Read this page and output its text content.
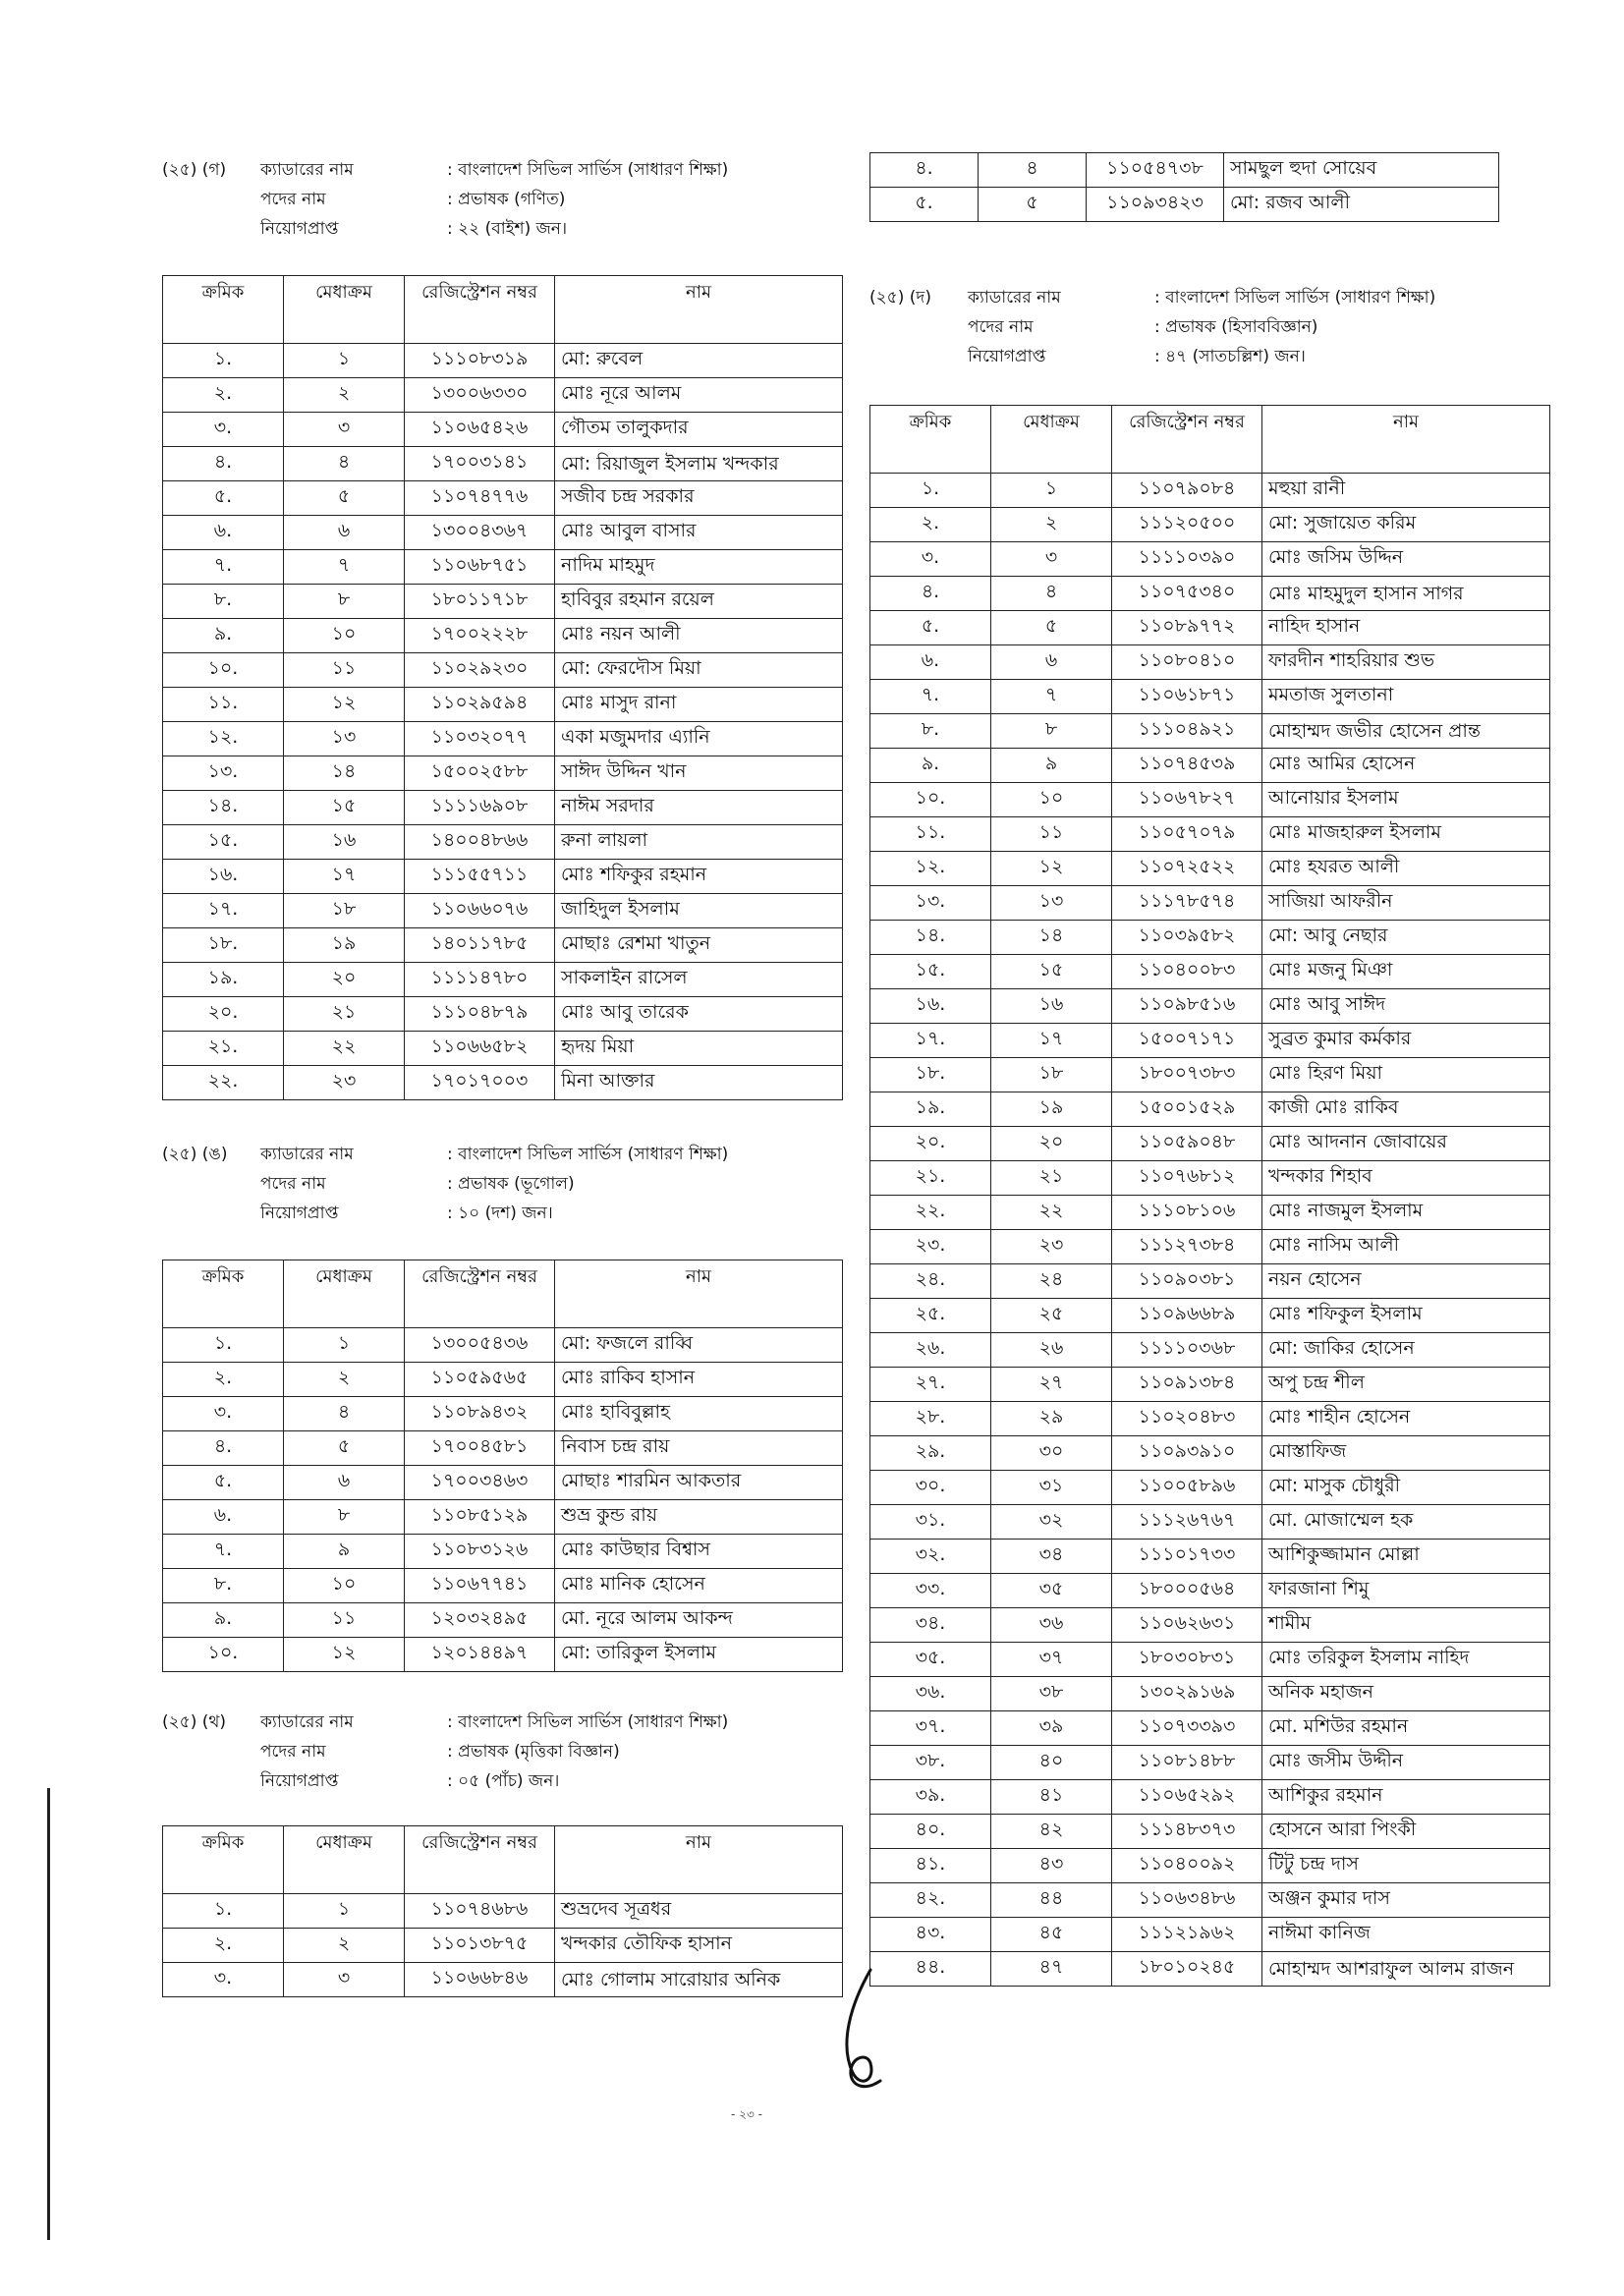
(২৫) (গ) ক্যাডারের নাম	: বাংলাদেশ সিভিল সার্ভিস (সাধারণ শিক্ষা)
পদের নাম	: প্রভাষক (গণিত)
নিয়োগপ্রাপ্ত	: ২২ (বাইশ) জন।
ক্রমিক	মেধাক্রম	রেজিস্ট্রেশন নম্বর	নাম
১.	১	১১১০৮৩১৯	মো: রুবেল
২.	২	১৩০০৬৩৩০	মোঃ নূরে আলম
৩.	৩	১১০৬৫৪২৬	গৌতম তালুকদার
৪.	৪	১৭০০৩১৪১	মো: রিয়াজুল ইসলাম খন্দকার
৫.	৫	১১০৭৪৭৭৬	সজীব চন্দ্র সরকার
৬.	৬	১৩০০৪৩৬৭	মোঃ আবুল বাসার
৭.	৭	১১০৬৮৭৫১	নাদিম মাহমুদ
৮.	৮	১৮০১১৭১৮	হাবিবুর রহমান রয়েল
৯.	১০	১৭০০২২২৮	মোঃ নয়ন আলী
১০.	১১	১১০২৯২৩০	মো: ফেরদৌস মিয়া
১১.	১২	১১০২৯৫৯৪	মোঃ মাসুদ রানা
১২.	১৩	১১০৩২০৭৭	একা মজুমদার এ্যানি
১৩.	১৪	১৫০০২৫৮৮	সাঈদ উদ্দিন খান
১৪.	১৫	১১১১৬৯০৮	নাঈম সরদার
১৫.	১৬	১৪০০৪৮৬৬	রুনা লায়লা
১৬.	১৭	১১১৫৫৭১১	মোঃ শফিকুর রহমান
১৭.	১৮	১১০৬৬০৭৬	জাহিদুল ইসলাম
১৮.	১৯	১৪০১১৭৮৫	মোছাঃ রেশমা খাতুন
১৯.	২০	১১১১৪৭৮০	সাকলাইন রাসেল
২০.	২১	১১১০৪৮৭৯	মোঃ আবু তারেক
২১.	২২	১১০৬৬৫৮২	হৃদয় মিয়া
২২.	২৩	১৭০১৭০০৩	মিনা আক্তার
(২৫) (ঙ) ক্যাডারের নাম	: বাংলাদেশ সিভিল সার্ভিস (সাধারণ শিক্ষা)
পদের নাম	: প্রভাষক (ভূগোল)
নিয়োগপ্রাপ্ত	: ১০ (দশ) জন।
ক্রমিক	মেধাক্রম	রেজিস্ট্রেশন নম্বর	নাম
১.	১	১৩০০৫৪৩৬	মো: ফজলে রাব্বি
২.	২	১১০৫৯৫৬৫	মোঃ রাকিব হাসান
৩.	৪	১১০৮৯৪৩২	মোঃ হাবিবুল্লাহ
৪.	৫	১৭০০৪৫৮১	নিবাস চন্দ্র রায়
৫.	৬	১৭০০৩৪৬৩	মোছাঃ শারমিন আকতার
৬.	৮	১১০৮৫১২৯	শুভ্র কুন্ড রায়
৭.	৯	১১০৮৩১২৬	মোঃ কাউছার বিশ্বাস
৮.	১০	১১০৬৭৭৪১	মোঃ মানিক হোসেন
৯.	১১	১২০৩২৪৯৫	মো. নূরে আলম আকন্দ
১০.	১২	১২০১৪৪৯৭	মো: তারিকুল ইসলাম
(২৫) (থ) ক্যাডারের নাম	: বাংলাদেশ সিভিল সার্ভিস (সাধারণ শিক্ষা)
পদের নাম	: প্রভাষক (মৃত্তিকা বিজ্ঞান)
নিয়োগপ্রাপ্ত	: ০৫ (পাঁচ) জন।
ক্রমিক	মেধাক্রম	রেজিস্ট্রেশন নম্বর	নাম
১.	১	১১০৭৪৬৮৬	শুভ্রদেব সূত্রধর
২.	২	১১০১৩৮৭৫	খন্দকার তৌফিক হাসান
৩.	৩	১১০৬৬৮৪৬	মোঃ গোলাম সারোয়ার অনিক
৪.	৪	১১০৫৪৭৩৮	সামছুল হুদা সোয়েব
৫.	৫	১১০৯৩৪২৩	মো: রজব আলী
(২৫) (দ) ক্যাডারের নাম	: বাংলাদেশ সিভিল সার্ভিস (সাধারণ শিক্ষা)
পদের নাম	: প্রভাষক (হিসাববিজ্ঞান)
নিয়োগপ্রাপ্ত	: ৪৭ (সাতচল্লিশ) জন।
ক্রমিক	মেধাক্রম	রেজিস্ট্রেশন নম্বর	নাম
১.	১	১১০৭৯০৮৪	মহুয়া রানী
২.	২	১১১২০৫০০	মো: সুজায়েত করিম
৩.	৩	১১১১০৩৯০	মোঃ জসিম উদ্দিন
৪.	৪	১১০৭৫৩৪০	মোঃ মাহমুদুল হাসান সাগর
৫.	৫	১১০৮৯৭৭২	নাহিদ হাসান
৬.	৬	১১০৮০৪১০	ফারদীন শাহরিয়ার শুভ
৭.	৭	১১০৬১৮৭১	মমতাজ সুলতানা
৮.	৮	১১১০৪৯২১	মোহাম্মদ জভীর হোসেন প্রান্ত
৯.	৯	১১০৭৪৫৩৯	মোঃ আমির হোসেন
১০.	১০	১১০৬৭৮২৭	আনোয়ার ইসলাম
১১.	১১	১১০৫৭০৭৯	মোঃ মাজহারুল ইসলাম
১২.	১২	১১০৭২৫২২	মোঃ হযরত আলী
১৩.	১৩	১১১৭৮৫৭৪	সাজিয়া আফরীন
১৪.	১৪	১১০৩৯৫৮২	মো: আবু নেছার
১৫.	১৫	১১০৪০০৮৩	মোঃ মজনু মিঞা
১৬.	১৬	১১০৯৮৫১৬	মোঃ আবু সাঈদ
১৭.	১৭	১৫০০৭১৭১	সুব্রত কুমার কর্মকার
১৮.	১৮	১৮০০৭৩৮৩	মোঃ হিরণ মিয়া
১৯.	১৯	১৫০০১৫২৯	কাজী মোঃ রাকিব
২০.	২০	১১০৫৯০৪৮	মোঃ আদনান জোবায়ের
২১.	২১	১১০৭৬৮১২	খন্দকার শিহাব
২২.	২২	১১১০৮১০৬	মোঃ নাজমুল ইসলাম
২৩.	২৩	১১১২৭৩৮৪	মোঃ নাসিম আলী
২৪.	২৪	১১০৯০৩৮১	নয়ন হোসেন
২৫.	২৫	১১০৯৬৬৮৯	মোঃ শফিকুল ইসলাম
২৬.	২৬	১১১১০৩৬৮	মো: জাকির হোসেন
২৭.	২৭	১১০৯১৩৮৪	অপু চন্দ্র শীল
২৮.	২৯	১১০২০৪৮৩	মোঃ শাহীন হোসেন
২৯.	৩০	১১০৯৩৯১০	মোস্তাফিজ
৩০.	৩১	১১০০৫৮৯৬	মো: মাসুক চৌধুরী
৩১.	৩২	১১১২৬৭৬৭	মো. মোজাম্মেল হক
৩২.	৩৪	১১১০১৭৩৩	আশিকুজ্জামান মোল্লা
৩৩.	৩৫	১৮০০০৫৬৪	ফারজানা শিমু
৩৪.	৩৬	১১০৬২৬৩১	শামীম
৩৫.	৩৭	১৮০৩০৮৩১	মোঃ তরিকুল ইসলাম নাহিদ
৩৬.	৩৮	১৩০২৯১৬৯	অনিক মহাজন
৩৭.	৩৯	১১০৭৩৩৯৩	মো. মশিউর রহমান
৩৮.	৪০	১১০৮১৪৮৮	মোঃ জসীম উদ্দীন
৩৯.	৪১	১১০৬৫২৯২	আশিকুর রহমান
৪০.	৪২	১১১৪৮৩৭৩	হোসনে আরা পিংকী
৪১.	৪৩	১১০৪০০৯২	টিটু চন্দ্র দাস
৪২.	৪৪	১১০৬৩৪৮৬	অঞ্জন কুমার দাস
৪৩.	৪৫	১১১২১৯৬২	নাঈমা কানিজ
৪৪.	৪৭	১৮০১০২৪৫	মোহাম্মদ আশরাফুল আলম রাজন
- ২৩ -
